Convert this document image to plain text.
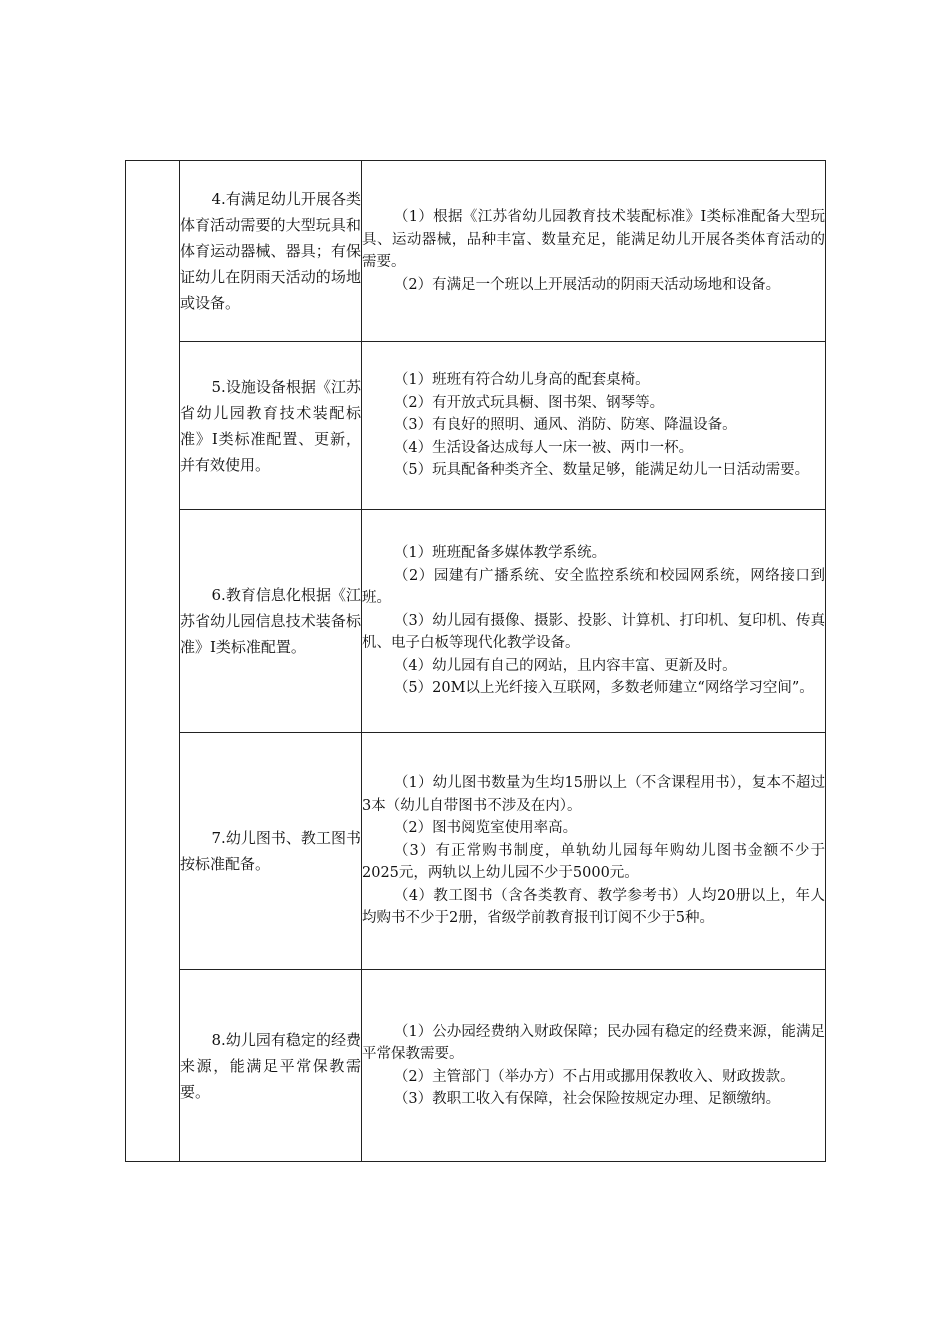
	4.有满足幼儿开展各类体育活动需要的大型玩具和体育运动器械、器具；有保证幼儿在阴雨天活动的场地或设备。	（1）根据《江苏省幼儿园教育技术装配标准》Ⅰ类标准配备大型玩具、运动器械，品种丰富、数量充足，能满足幼儿开展各类体育活动的需要。

（2）有满足一个班以上开展活动的阴雨天活动场地和设备。

	5.设施设备根据《江苏省幼儿园教育技术装配标准》Ⅰ类标准配置、更新，并有效使用。	（1）班班有符合幼儿身高的配套桌椅。

（2）有开放式玩具橱、图书架、钢琴等。

（3）有良好的照明、通风、消防、防寒、降温设备。

（4）生活设备达成每人一床一被、两巾一杯。

（5）玩具配备种类齐全、数量足够，能满足幼儿一日活动需要。

	6.教育信息化根据《江苏省幼儿园信息技术装备标准》Ⅰ类标准配置。	（1）班班配备多媒体教学系统。

（2）园建有广播系统、安全监控系统和校园网系统，网络接口到班。

（3）幼儿园有摄像、摄影、投影、计算机、打印机、复印机、传真机、电子白板等现代化教学设备。

（4）幼儿园有自己的网站，且内容丰富、更新及时。

（5）20M以上光纤接入互联网，多数老师建立“网络学习空间”。

	7.幼儿图书、教工图书按标准配备。	（1）幼儿图书数量为生均15册以上（不含课程用书），复本不超过3本（幼儿自带图书不涉及在内）。

（2）图书阅览室使用率高。

（3）有正常购书制度，单轨幼儿园每年购幼儿图书金额不少于2025元，两轨以上幼儿园不少于5000元。

（4）教工图书（含各类教育、教学参考书）人均20册以上，年人均购书不少于2册，省级学前教育报刊订阅不少于5种。

	8.幼儿园有稳定的经费来源，能满足平常保教需要。	（1）公办园经费纳入财政保障；民办园有稳定的经费来源，能满足平常保教需要。

（2）主管部门（举办方）不占用或挪用保教收入、财政拨款。

（3）教职工收入有保障，社会保险按规定办理、足额缴纳。
